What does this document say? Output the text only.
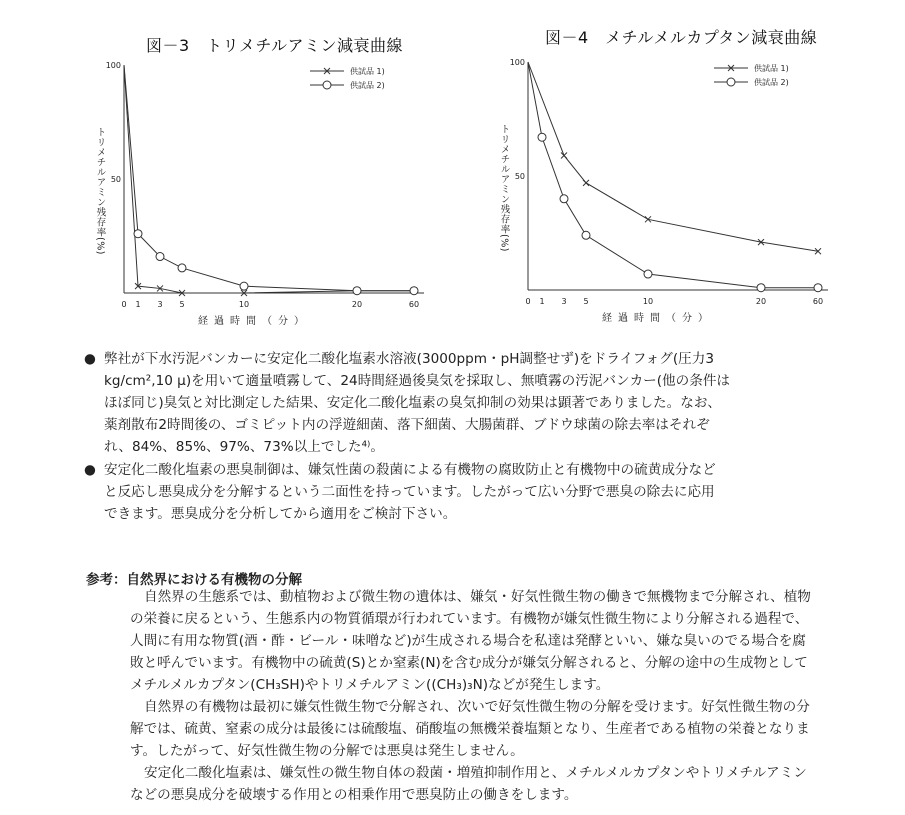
図－3　トリメチルアミン減衰曲線	図－4　メチルメルカプタン減衰曲線
100
50
0 1 3 5	10	20	60
経過時間（分）
トリメチルアミン残存率(%)
供試品 1)
供試品 2)
100
50
0 1 3 5	10	20	60
経過時間（分）
トリメチルアミン残存率(%)
供試品 1)
供試品 2)
● 弊社が下水汚泥バンカーに安定化二酸化塩素水溶液(3000ppm・pH調整せず)をドライフォグ(圧力3
kg/cm²,10 μ)を用いて適量噴霧して、24時間経過後臭気を採取し、無噴霧の汚泥バンカー(他の条件は
ほぼ同じ)臭気と対比測定した結果、安定化二酸化塩素の臭気抑制の効果は顕著でありました。なお、
薬剤散布2時間後の、ゴミピット内の浮遊細菌、落下細菌、大腸菌群、ブドウ球菌の除去率はそれぞ
れ、84%、85%、97%、73%以上でした⁴⁾。
● 安定化二酸化塩素の悪臭制御は、嫌気性菌の殺菌による有機物の腐敗防止と有機物中の硫黄成分など
と反応し悪臭成分を分解するという二面性を持っています。したがって広い分野で悪臭の除去に応用
できます。悪臭成分を分析してから適用をご検討下さい。
参考：自然界における有機物の分解
自然界の生態系では、動植物および微生物の遺体は、嫌気・好気性微生物の働きで無機物まで分解され、植物
の栄養に戻るという、生態系内の物質循環が行われています。有機物が嫌気性微生物により分解される過程で、
人間に有用な物質(酒・酢・ビール・味噌など)が生成される場合を私達は発酵といい、嫌な臭いのでる場合を腐
敗と呼んでいます。有機物中の硫黄(S)とか窒素(N)を含む成分が嫌気分解されると、分解の途中の生成物として
メチルメルカプタン(CH₃SH)やトリメチルアミン((CH₃)₃N)などが発生します。
自然界の有機物は最初に嫌気性微生物で分解され、次いで好気性微生物の分解を受けます。好気性微生物の分
解では、硫黄、窒素の成分は最後には硫酸塩、硝酸塩の無機栄養塩類となり、生産者である植物の栄養となりま
す。したがって、好気性微生物の分解では悪臭は発生しません。
安定化二酸化塩素は、嫌気性の微生物自体の殺菌・増殖抑制作用と、メチルメルカプタンやトリメチルアミン
などの悪臭成分を破壊する作用との相乗作用で悪臭防止の働きをします。
